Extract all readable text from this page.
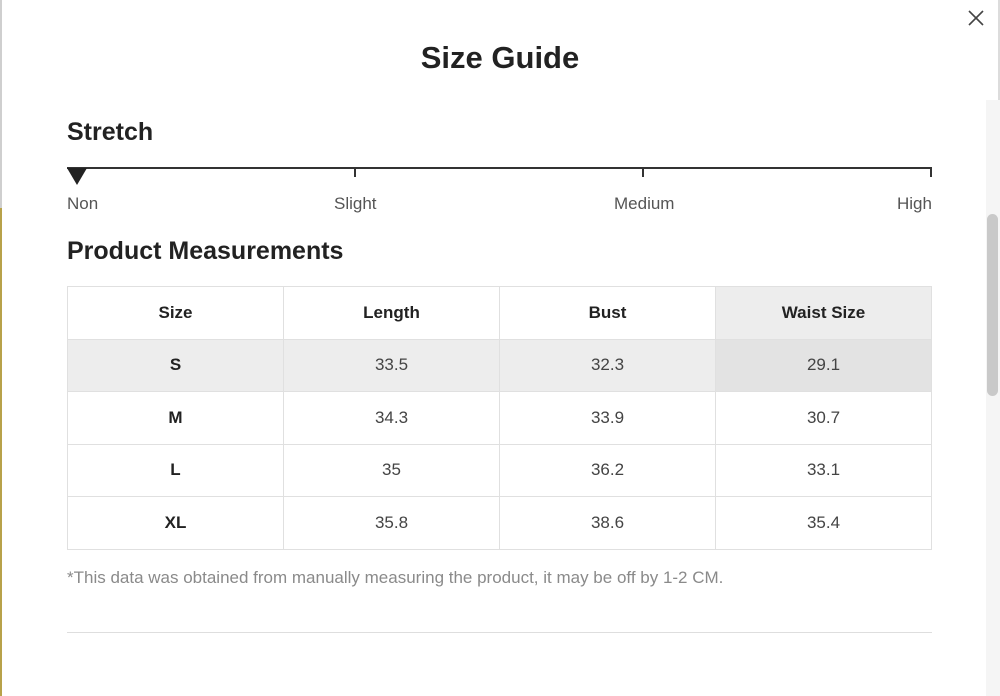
Size Guide
Stretch
Non	Slight	Medium	High
Product Measurements
Size	Length	Bust	Waist Size
S	33.5	32.3	29.1
M	34.3	33.9	30.7
L	35	36.2	33.1
XL	35.8	38.6	35.4
*This data was obtained from manually measuring the product, it may be off by 1-2 CM.
